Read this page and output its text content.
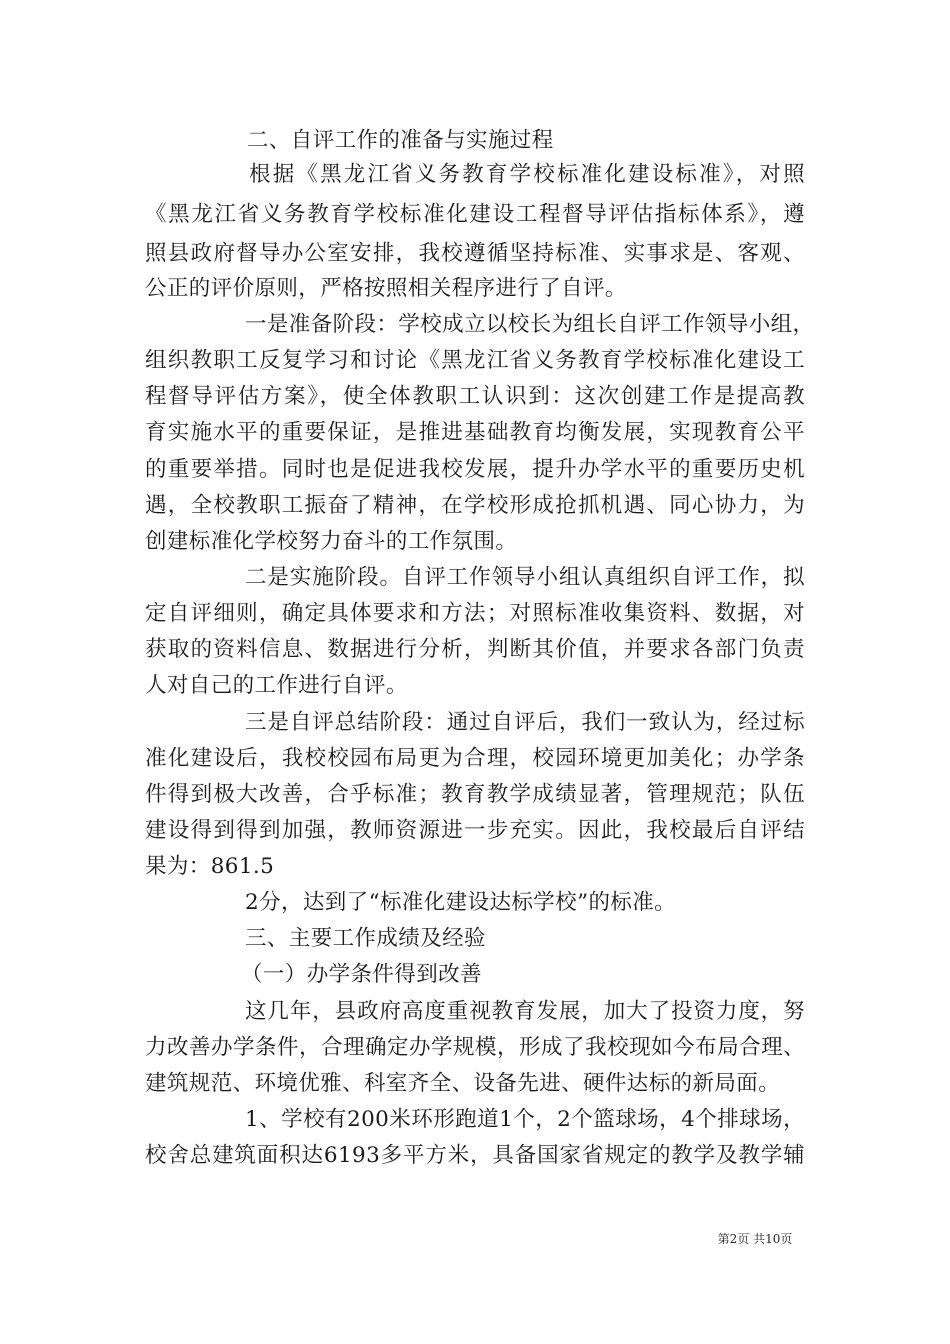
二、自评工作的准备与实施过程
根据《黑龙江省义务教育学校标准化建设标准》，对照
《黑龙江省义务教育学校标准化建设工程督导评估指标体系》，遵
照县政府督导办公室安排，我校遵循坚持标准、实事求是、客观、
公正的评价原则，严格按照相关程序进行了自评。
一是准备阶段：学校成立以校长为组长自评工作领导小组，
组织教职工反复学习和讨论《黑龙江省义务教育学校标准化建设工
程督导评估方案》，使全体教职工认识到：这次创建工作是提高教
育实施水平的重要保证，是推进基础教育均衡发展，实现教育公平
的重要举措。同时也是促进我校发展，提升办学水平的重要历史机
遇，全校教职工振奋了精神，在学校形成抢抓机遇、同心协力，为
创建标准化学校努力奋斗的工作氛围。
二是实施阶段。自评工作领导小组认真组织自评工作，拟
定自评细则，确定具体要求和方法；对照标准收集资料、数据，对
获取的资料信息、数据进行分析，判断其价值，并要求各部门负责
人对自己的工作进行自评。
三是自评总结阶段：通过自评后，我们一致认为，经过标
准化建设后，我校校园布局更为合理，校园环境更加美化；办学条
件得到极大改善，合乎标准；教育教学成绩显著，管理规范；队伍
建设得到得到加强，教师资源进一步充实。因此，我校最后自评结
果为：861.5
2分，达到了“标准化建设达标学校”的标准。
三、主要工作成绩及经验
（一）办学条件得到改善
这几年，县政府高度重视教育发展，加大了投资力度，努
力改善办学条件，合理确定办学规模，形成了我校现如今布局合理、
建筑规范、环境优雅、科室齐全、设备先进、硬件达标的新局面。
1、学校有200米环形跑道1个，2个篮球场，4个排球场，
校舍总建筑面积达6193多平方米，具备国家省规定的教学及教学辅
第2页 共10页
